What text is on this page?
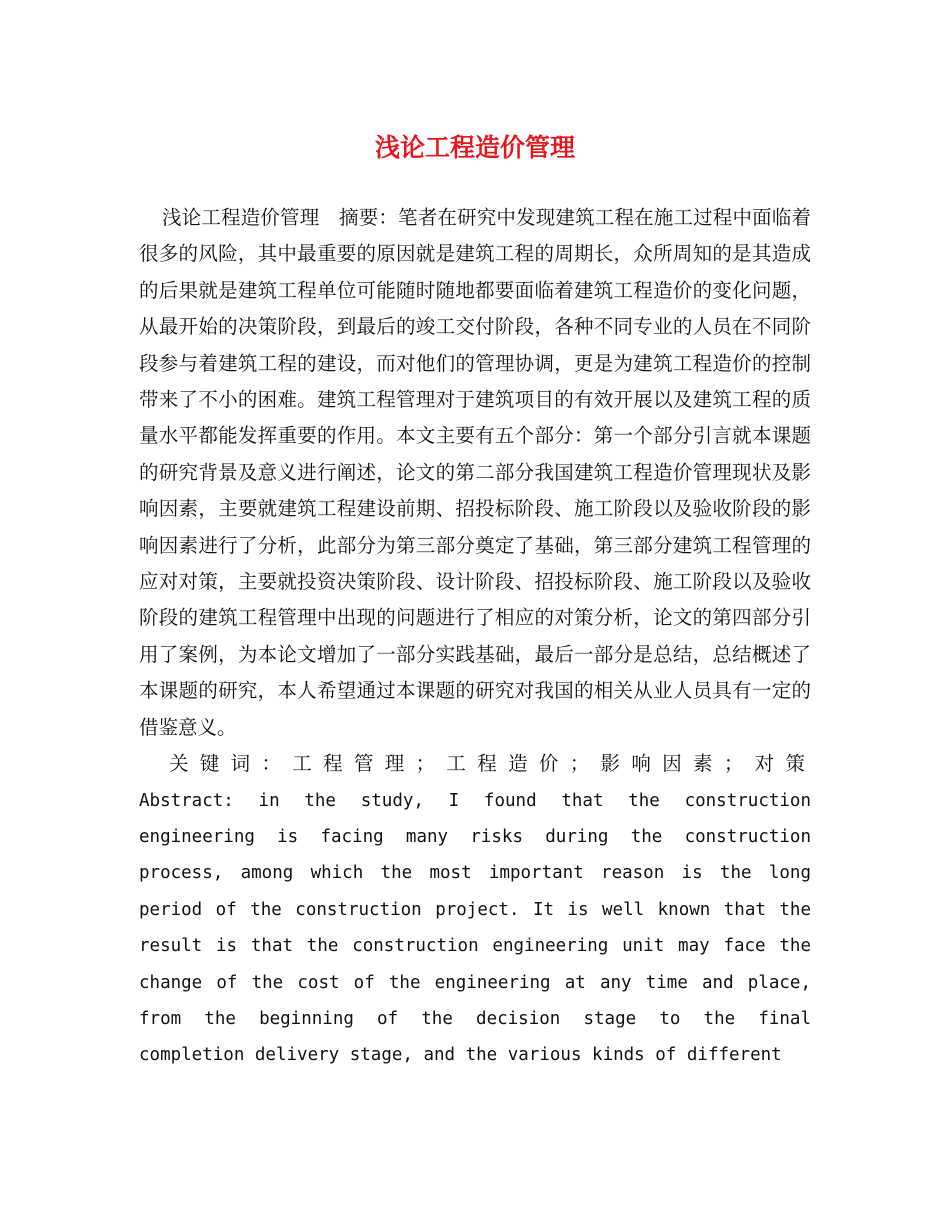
浅论工程造价管理

浅论工程造价管理　摘要：笔者在研究中发现建筑工程在施工过程中面临着很多的风险，其中最重要的原因就是建筑工程的周期长，众所周知的是其造成的后果就是建筑工程单位可能随时随地都要面临着建筑工程造价的变化问题，从最开始的决策阶段，到最后的竣工交付阶段，各种不同专业的人员在不同阶段参与着建筑工程的建设，而对他们的管理协调，更是为建筑工程造价的控制带来了不小的困难。建筑工程管理对于建筑项目的有效开展以及建筑工程的质量水平都能发挥重要的作用。本文主要有五个部分：第一个部分引言就本课题的研究背景及意义进行阐述，论文的第二部分我国建筑工程造价管理现状及影响因素，主要就建筑工程建设前期、招投标阶段、施工阶段以及验收阶段的影响因素进行了分析，此部分为第三部分奠定了基础，第三部分建筑工程管理的应对对策，主要就投资决策阶段、设计阶段、招投标阶段、施工阶段以及验收阶段的建筑工程管理中出现的问题进行了相应的对策分析，论文的第四部分引用了案例，为本论文增加了一部分实践基础，最后一部分是总结，总结概述了本课题的研究，本人希望通过本课题的研究对我国的相关从业人员具有一定的借鉴意义。

关键词：工程管理；工程造价；影响因素；对策

Abstract: in the study, I found that the construction engineering is facing many risks during the construction process, among which the most important reason is the long period of the construction project. It is well known that the result is that the construction engineering unit may face the change of the cost of the engineering at any time and place, from the beginning of the decision stage to the final completion delivery stage, and the various kinds of different
